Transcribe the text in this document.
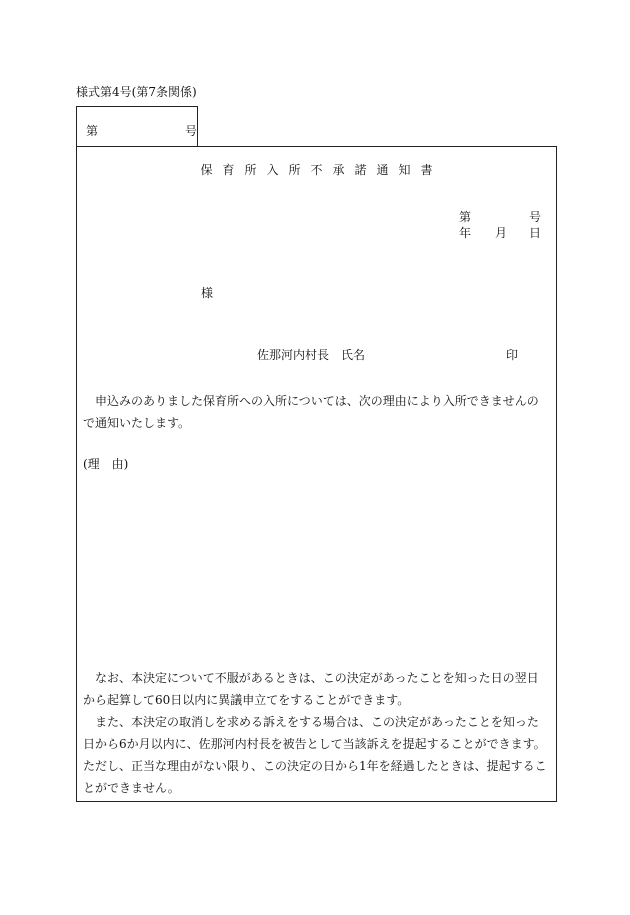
様式第4号(第7条関係)
第	号
保育所入所不承諾通知書
第	号
年 月 日
様
佐那河内村長　氏名	印
申込みのありました保育所への入所については、次の理由により入所できませんので通知いたします。
(理　由)
なお、本決定について不服があるときは、この決定があったことを知った日の翌日から起算して60日以内に異議申立てをすることができます。
また、本決定の取消しを求める訴えをする場合は、この決定があったことを知った日から6か月以内に、佐那河内村長を被告として当該訴えを提起することができます。ただし、正当な理由がない限り、この決定の日から1年を経過したときは、提起することができません。
